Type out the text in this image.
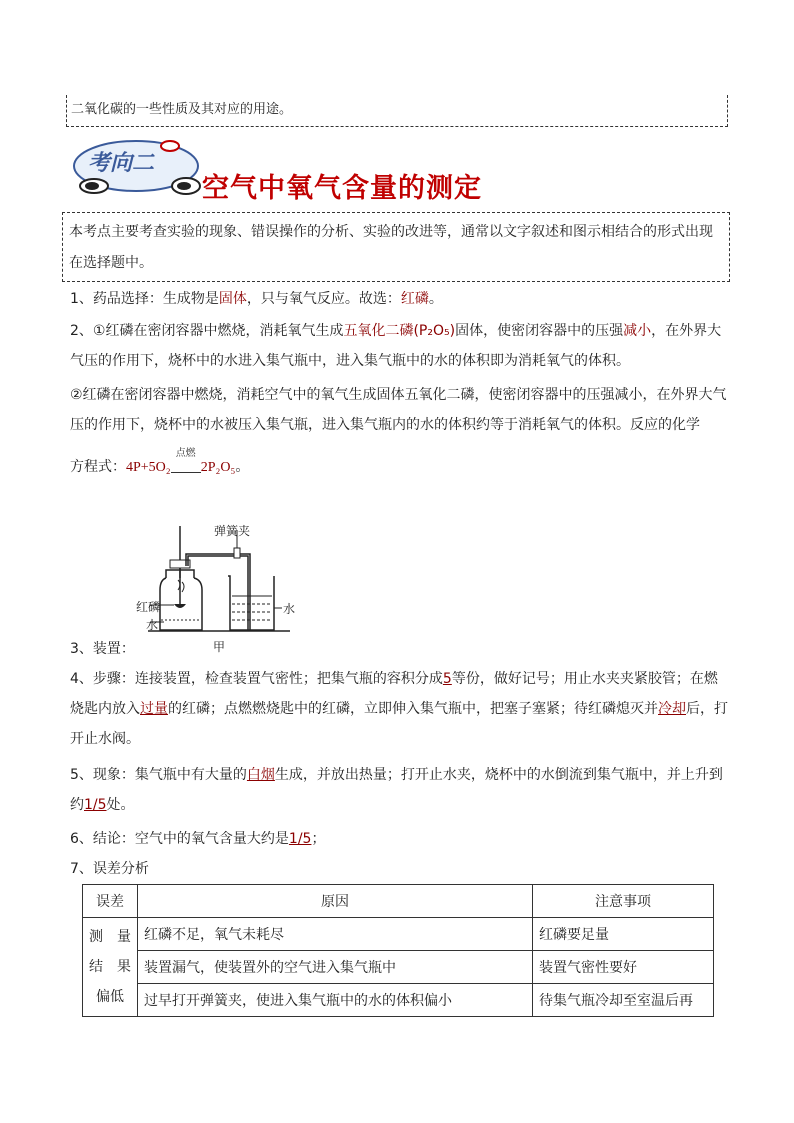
二氧化碳的一些性质及其对应的用途。
考向二
空气中氧气含量的测定
本考点主要考查实验的现象、错误操作的分析、实验的改进等，通常以文字叙述和图示相结合的形式出现在选择题中。
1、药品选择：生成物是固体，只与氧气反应。故选：红磷。
2、①红磷在密闭容器中燃烧，消耗氧气生成五氧化二磷(P₂O₅)固体，使密闭容器中的压强减小，在外界大气压的作用下，烧杯中的水进入集气瓶中，进入集气瓶中的水的体积即为消耗氧气的体积。
②红磷在密闭容器中燃烧，消耗空气中的氧气生成固体五氧化二磷，使密闭容器中的压强减小，在外界大气压的作用下，烧杯中的水被压入集气瓶，进入集气瓶内的水的体积约等于消耗氧气的体积。反应的化学
方程式：4P+5O₂
点燃
2P₂O₅。
弹簧夹
红磷
水
水
甲
3、装置：
4、步骤：连接装置，检查装置气密性；把集气瓶的容积分成5等份，做好记号；用止水夹夹紧胶管；在燃烧匙内放入过量的红磷；点燃燃烧匙中的红磷，立即伸入集气瓶中，把塞子塞紧；待红磷熄灭并冷却后，打开止水阀。
5、现象：集气瓶中有大量的白烟生成，并放出热量；打开止水夹，烧杯中的水倒流到集气瓶中，并上升到约1/5处。
6、结论：空气中的氧气含量大约是1/5；
7、误差分析
误差	原因	注意事项

测　量
结　果
偏低	红磷不足，氧气未耗尽	红磷要足量
	装置漏气，使装置外的空气进入集气瓶中	装置气密性要好
	过早打开弹簧夹，使进入集气瓶中的水的体积偏小	待集气瓶冷却至室温后再
